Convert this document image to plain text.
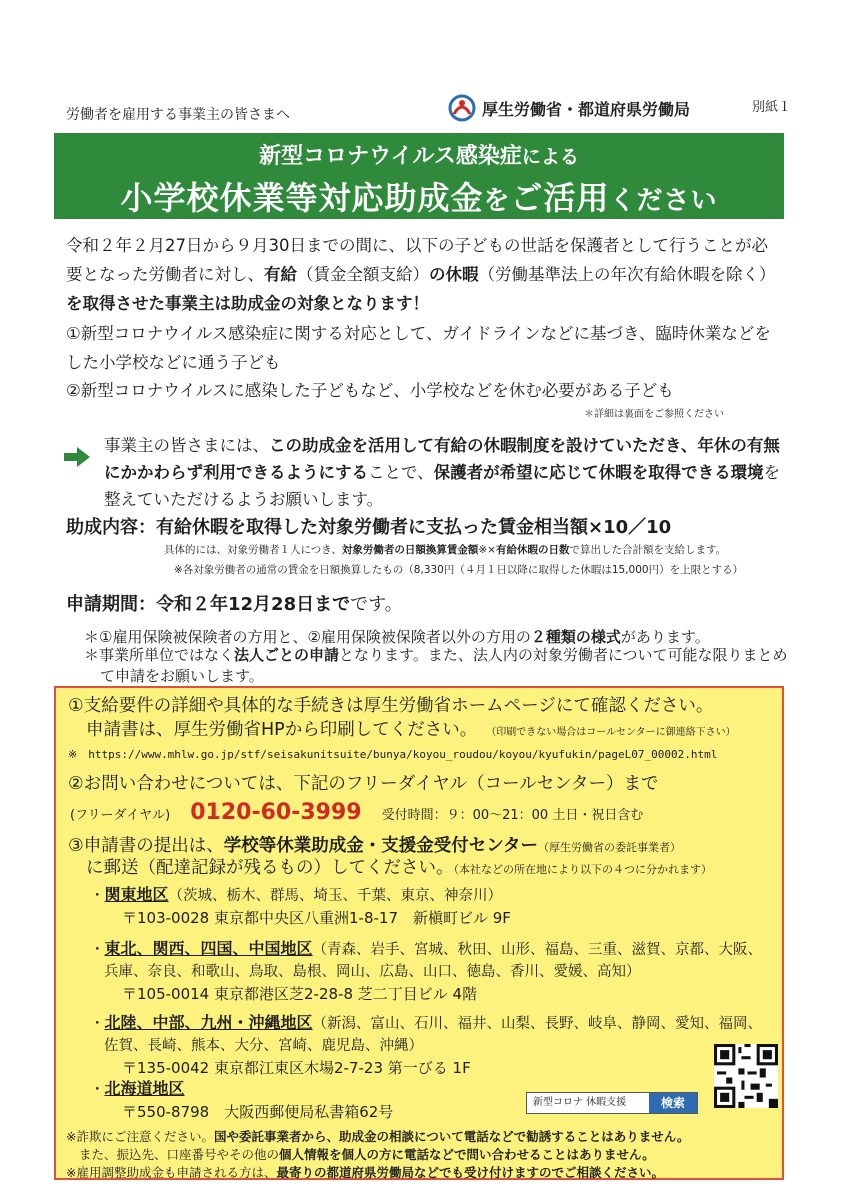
労働者を雇用する事業主の皆さまへ	厚生労働省・都道府県労働局	別紙１
新型コロナウイルス感染症による
小学校休業等対応助成金をご活用ください
令和２年２月27日から９月30日までの間に、以下の子どもの世話を保護者として行うことが必要となった労働者に対し、有給（賃金全額支給）の休暇（労働基準法上の年次有給休暇を除く）を取得させた事業主は助成金の対象となります！
①新型コロナウイルス感染症に関する対応として、ガイドラインなどに基づき、臨時休業などをした小学校などに通う子ども
②新型コロナウイルスに感染した子どもなど、小学校などを休む必要がある子ども
＊詳細は裏面をご参照ください
事業主の皆さまには、この助成金を活用して有給の休暇制度を設けていただき、年休の有無にかかわらず利用できるようにすることで、保護者が希望に応じて休暇を取得できる環境を整えていただけるようお願いします。
助成内容：有給休暇を取得した対象労働者に支払った賃金相当額×10／10
具体的には、対象労働者１人につき、対象労働者の日額換算賃金額※×有給休暇の日数で算出した合計額を支給します。
※各対象労働者の通常の賃金を日額換算したもの（8,330円（４月１日以降に取得した休暇は15,000円）を上限とする）
申請期間：令和２年12月28日までです。
＊①雇用保険被保険者の方用と、②雇用保険被保険者以外の方用の２種類の様式があります。
＊事業所単位ではなく法人ごとの申請となります。また、法人内の対象労働者について可能な限りまとめて申請をお願いします。
①支給要件の詳細や具体的な手続きは厚生労働省ホームページにて確認ください。
申請書は、厚生労働省HPから印刷してください。 （印刷できない場合はコールセンターに御連絡下さい）
※　https://www.mhlw.go.jp/stf/seisakunitsuite/bunya/koyou_roudou/koyou/kyufukin/pageL07_00002.html
②お問い合わせについては、下記のフリーダイヤル（コールセンター）まで
(フリーダイヤル) 0120-60-3999 受付時間：９：00～21：00 土日・祝日含む
③申請書の提出は、学校等休業助成金・支援金受付センター（厚生労働省の委託事業者）
に郵送（配達記録が残るもの）してください。（本社などの所在地により以下の４つに分かれます）
・関東地区（茨城、栃木、群馬、埼玉、千葉、東京、神奈川）
〒103-0028 東京都中央区八重洲1-8-17　新槇町ビル 9F
・東北、関西、四国、中国地区（青森、岩手、宮城、秋田、山形、福島、三重、滋賀、京都、大阪、
兵庫、奈良、和歌山、鳥取、島根、岡山、広島、山口、徳島、香川、愛媛、高知）
〒105-0014 東京都港区芝2-28-8 芝二丁目ビル 4階
・北陸、中部、九州・沖縄地区（新潟、富山、石川、福井、山梨、長野、岐阜、静岡、愛知、福岡、
佐賀、長崎、熊本、大分、宮崎、鹿児島、沖縄）
〒135-0042 東京都江東区木場2-7-23 第一びる 1F
・北海道地区
〒550-8798　大阪西郵便局私書箱62号
新型コロナ 休暇支援	検索
※詐欺にご注意ください。国や委託事業者から、助成金の相談について電話などで勧誘することはありません。
また、振込先、口座番号やその他の個人情報を個人の方に電話などで問い合わせることはありません。
※雇用調整助成金も申請される方は、最寄りの都道府県労働局などでも受け付けますのでご相談ください。
